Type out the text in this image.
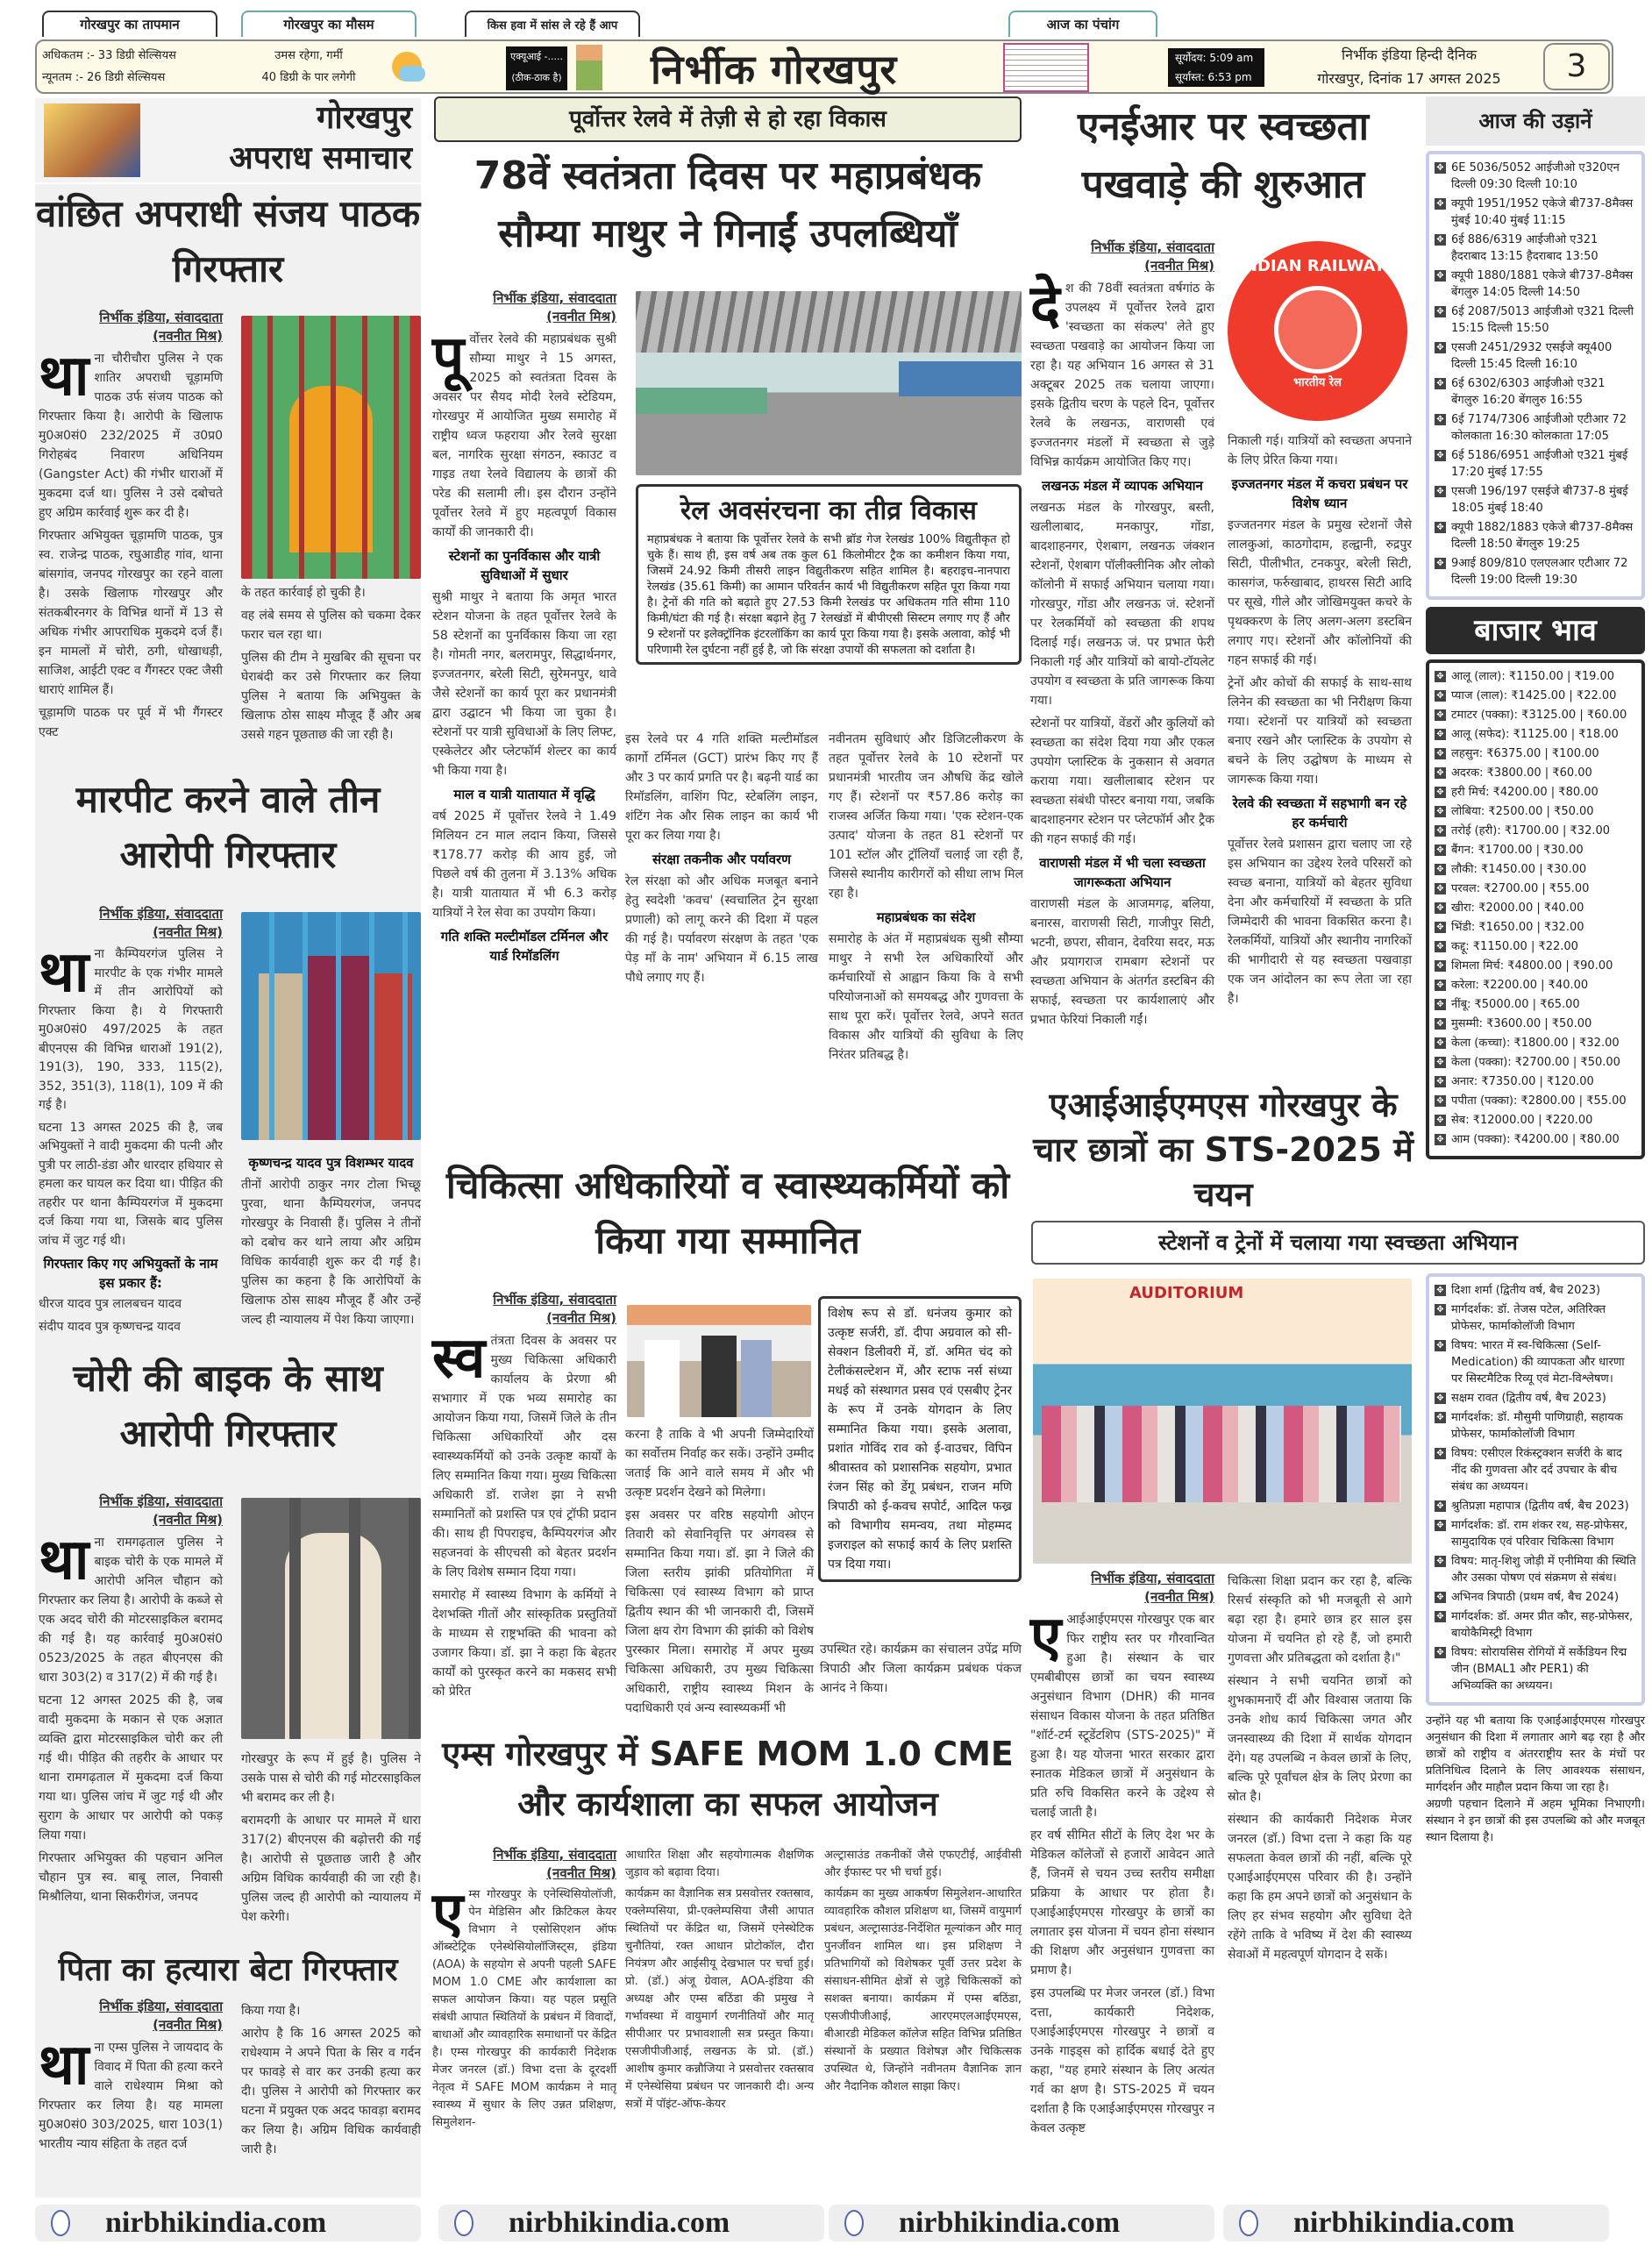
गोरखपुर का तापमान	गोरखपुर का मौसम	किस हवा में सांस ले रहे हैं आप	आज का पंचांग
अधिकतम :- 33 डिग्री सेल्सियस
न्यूनतम :- 26 डिग्री सेल्सियस
उमस रहेगा, गर्मी
40 डिग्री के पार लगेगी
एक्यूआई -.....
(ठीक-ठाक है) निर्भीक गोरखपुर	सूर्योदय: 5:09 am
सूर्यास्त: 6:53 pm
निर्भीक इंडिया हिन्दी दैनिक
गोरखपुर, दिनांक 17 अगस्त 2025	3
गोरखपुर
अपराध समाचार
वांछित अपराधी संजय पाठक गिरफ्तार
निर्भीक इंडिया, संवाददाता
(नवनीत मिश्र)
था ना चौरीचौरा पुलिस ने एक शातिर अपराधी चूड़ामणि पाठक उर्फ संजय पाठक को गिरफ्तार किया है। आरोपी के खिलाफ मु0अ0सं0 232/2025 में उ0प्र0 गिरोहबंद निवारण अधिनियम (Gangster Act) की गंभीर धाराओं में मुकदमा दर्ज था। पुलिस ने उसे दबोचते हुए अग्रिम कार्रवाई शुरू कर दी है।

गिरफ्तार अभियुक्त चूड़ामणि पाठक, पुत्र स्व. राजेन्द्र पाठक, रघुआडीह गांव, थाना बांसगांव, जनपद गोरखपुर का रहने वाला है। उसके खिलाफ गोरखपुर और संतकबीरनगर के विभिन्न थानों में 13 से अधिक गंभीर आपराधिक मुकदमे दर्ज हैं। इन मामलों में चोरी, ठगी, धोखाधड़ी, साजिश, आईटी एक्ट व गैंगस्टर एक्ट जैसी धाराएं शामिल हैं।

चूड़ामणि पाठक पर पूर्व में भी गैंगस्टर एक्ट

के तहत कार्रवाई हो चुकी है।

वह लंबे समय से पुलिस को चकमा देकर फरार चल रहा था।

पुलिस की टीम ने मुखबिर की सूचना पर घेराबंदी कर उसे गिरफ्तार कर लिया पुलिस ने बताया कि अभियुक्त के खिलाफ ठोस साक्ष्य मौजूद हैं और अब उससे गहन पूछताछ की जा रही है।

मारपीट करने वाले तीन आरोपी गिरफ्तार
निर्भीक इंडिया, संवाददाता
(नवनीत मिश्र)
था ना कैम्पियरगंज पुलिस ने मारपीट के एक गंभीर मामले में तीन आरोपियों को गिरफ्तार किया है। ये गिरफ्तारी मु0अ0सं0 497/2025 के तहत बीएनएस की विभिन्न धाराओं 191(2), 191(3), 190, 333, 115(2), 352, 351(3), 118(1), 109 में की गई है।

घटना 13 अगस्त 2025 की है, जब अभियुक्तों ने वादी मुकदमा की पत्नी और पुत्री पर लाठी-डंडा और धारदार हथियार से हमला कर घायल कर दिया था। पीड़ित की तहरीर पर थाना कैम्पियरगंज में मुकदमा दर्ज किया गया था, जिसके बाद पुलिस जांच में जुट गई थी।

गिरफ्तार किए गए अभियुक्तों के नाम इस प्रकार हैं:

धीरज यादव पुत्र लालबचन यादव

संदीप यादव पुत्र कृष्णचन्द्र यादव

कृष्णचन्द्र यादव पुत्र विशम्भर यादव

तीनों आरोपी ठाकुर नगर टोला भिच्छू पुरवा, थाना कैम्पियरगंज, जनपद गोरखपुर के निवासी हैं। पुलिस ने तीनों को दबोच कर थाने लाया और अग्रिम विधिक कार्यवाही शुरू कर दी गई है। पुलिस का कहना है कि आरोपियों के खिलाफ ठोस साक्ष्य मौजूद हैं और उन्हें जल्द ही न्यायालय में पेश किया जाएगा।

चोरी की बाइक के साथ आरोपी गिरफ्तार
निर्भीक इंडिया, संवाददाता
(नवनीत मिश्र)
था ना रामगढ़ताल पुलिस ने बाइक चोरी के एक मामले में आरोपी अनिल चौहान को गिरफ्तार कर लिया है। आरोपी के कब्जे से एक अदद चोरी की मोटरसाइकिल बरामद की गई है। यह कार्रवाई मु0अ0सं0 0523/2025 के तहत बीएनएस की धारा 303(2) व 317(2) में की गई है।

घटना 12 अगस्त 2025 की है, जब वादी मुकदमा के मकान से एक अज्ञात व्यक्ति द्वारा मोटरसाइकिल चोरी कर ली गई थी। पीड़ित की तहरीर के आधार पर थाना रामगढ़ताल में मुकदमा दर्ज किया गया था। पुलिस जांच में जुट गई थी और सुराग के आधार पर आरोपी को पकड़ लिया गया।

गिरफ्तार अभियुक्त की पहचान अनिल चौहान पुत्र स्व. बाबू लाल, निवासी मिश्रौलिया, थाना सिकरीगंज, जनपद

गोरखपुर के रूप में हुई है। पुलिस ने उसके पास से चोरी की गई मोटरसाइकिल भी बरामद कर ली है।

बरामदगी के आधार पर मामले में धारा 317(2) बीएनएस की बढ़ोत्तरी की गई है। आरोपी से पूछताछ जारी है और अग्रिम विधिक कार्यवाही की जा रही है। पुलिस जल्द ही आरोपी को न्यायालय में पेश करेगी।

पिता का हत्यारा बेटा गिरफ्तार
निर्भीक इंडिया, संवाददाता
(नवनीत मिश्र)
था ना एम्स पुलिस ने जायदाद के विवाद में पिता की हत्या करने वाले राधेश्याम मिश्रा को गिरफ्तार कर लिया है। यह मामला मु0अ0सं0 303/2025, धारा 103(1) भारतीय न्याय संहिता के तहत दर्ज

किया गया है।

आरोप है कि 16 अगस्त 2025 को राधेश्याम ने अपने पिता के सिर व गर्दन पर फावड़े से वार कर उनकी हत्या कर दी। पुलिस ने आरोपी को गिरफ्तार कर घटना में प्रयुक्त एक अदद फावड़ा बरामद कर लिया है। अग्रिम विधिक कार्यवाही जारी है।

पूर्वोत्तर रेलवे में तेज़ी से हो रहा विकास
78वें स्वतंत्रता दिवस पर महाप्रबंधक सौम्या माथुर ने गिनाईं उपलब्धियाँ
निर्भीक इंडिया, संवाददाता
(नवनीत मिश्र)
पू र्वोत्तर रेलवे की महाप्रबंधक सुश्री सौम्या माथुर ने 15 अगस्त, 2025 को स्वतंत्रता दिवस के अवसर पर सैयद मोदी रेलवे स्टेडियम, गोरखपुर में आयोजित मुख्य समारोह में राष्ट्रीय ध्वज फहराया और रेलवे सुरक्षा बल, नागरिक सुरक्षा संगठन, स्काउट व गाइड तथा रेलवे विद्यालय के छात्रों की परेड की सलामी ली। इस दौरान उन्होंने पूर्वोत्तर रेलवे में हुए महत्वपूर्ण विकास कार्यों की जानकारी दी।

स्टेशनों का पुनर्विकास और यात्री सुविधाओं में सुधार

सुश्री माथुर ने बताया कि अमृत भारत स्टेशन योजना के तहत पूर्वोत्तर रेलवे के 58 स्टेशनों का पुनर्विकास किया जा रहा है। गोमती नगर, बलरामपुर, सिद्धार्थनगर, इज्जतनगर, बरेली सिटी, सुरेमनपुर, थावे जैसे स्टेशनों का कार्य पूरा कर प्रधानमंत्री द्वारा उद्घाटन भी किया जा चुका है। स्टेशनों पर यात्री सुविधाओं के लिए लिफ्ट, एस्केलेटर और प्लेटफॉर्म शेल्टर का कार्य भी किया गया है।

माल व यात्री यातायात में वृद्धि

वर्ष 2025 में पूर्वोत्तर रेलवे ने 1.49 मिलियन टन माल लदान किया, जिससे ₹178.77 करोड़ की आय हुई, जो पिछले वर्ष की तुलना में 3.13% अधिक है। यात्री यातायात में भी 6.3 करोड़ यात्रियों ने रेल सेवा का उपयोग किया।

गति शक्ति मल्टीमॉडल टर्मिनल और यार्ड रिमॉडलिंग
रेल अवसंरचना का तीव्र विकास
महाप्रबंधक ने बताया कि पूर्वोत्तर रेलवे के सभी ब्रॉड गेज रेलखंड 100% विद्युतीकृत हो चुके हैं। साथ ही, इस वर्ष अब तक कुल 61 किलोमीटर ट्रैक का कमीशन किया गया, जिसमें 24.92 किमी तीसरी लाइन विद्युतीकरण सहित शामिल है। बहराइच-नानपारा रेलखंड (35.61 किमी) का आमान परिवर्तन कार्य भी विद्युतीकरण सहित पूरा किया गया है। ट्रेनों की गति को बढ़ाते हुए 27.53 किमी रेलखंड पर अधिकतम गति सीमा 110 किमी/घंटा की गई है। संरक्षा बढ़ाने हेतु 7 रेलखंडों में बीपीएसी सिस्टम लगाए गए हैं और 9 स्टेशनों पर इलेक्ट्रॉनिक इंटरलॉकिंग का कार्य पूरा किया गया है। इसके अलावा, कोई भी परिणामी रेल दुर्घटना नहीं हुई है, जो कि संरक्षा उपायों की सफलता को दर्शाता है।

इस रेलवे पर 4 गति शक्ति मल्टीमॉडल कार्गो टर्मिनल (GCT) प्रारंभ किए गए हैं और 3 पर कार्य प्रगति पर है। बढ़नी यार्ड का रिमॉडलिंग, वाशिंग पिट, स्टेबलिंग लाइन, शंटिंग नेक और सिक लाइन का कार्य भी पूरा कर लिया गया है।

संरक्षा तकनीक और पर्यावरण

रेल संरक्षा को और अधिक मजबूत बनाने हेतु स्वदेशी 'कवच' (स्वचालित ट्रेन सुरक्षा प्रणाली) को लागू करने की दिशा में पहल की गई है। पर्यावरण संरक्षण के तहत 'एक पेड़ माँ के नाम' अभियान में 6.15 लाख पौधे लगाए गए हैं।

नवीनतम सुविधाएं और डिजिटलीकरण के तहत पूर्वोत्तर रेलवे के 10 स्टेशनों पर प्रधानमंत्री भारतीय जन औषधि केंद्र खोले गए हैं। स्टेशनों पर ₹57.86 करोड़ का राजस्व अर्जित किया गया। 'एक स्टेशन-एक उत्पाद' योजना के तहत 81 स्टेशनों पर 101 स्टॉल और ट्रॉलियाँ चलाई जा रही हैं, जिससे स्थानीय कारीगरों को सीधा लाभ मिल रहा है।

महाप्रबंधक का संदेश

समारोह के अंत में महाप्रबंधक सुश्री सौम्या माथुर ने सभी रेल अधिकारियों और कर्मचारियों से आह्वान किया कि वे सभी परियोजनाओं को समयबद्ध और गुणवत्ता के साथ पूरा करें। पूर्वोत्तर रेलवे, अपने सतत विकास और यात्रियों की सुविधा के लिए निरंतर प्रतिबद्ध है।

चिकित्सा अधिकारियों व स्वास्थ्यकर्मियों को किया गया सम्मानित
निर्भीक इंडिया, संवाददाता
(नवनीत मिश्र)
स्व तंत्रता दिवस के अवसर पर मुख्य चिकित्सा अधिकारी कार्यालय के प्रेरणा श्री सभागार में एक भव्य समारोह का आयोजन किया गया, जिसमें जिले के तीन चिकित्सा अधिकारियों और दस स्वास्थ्यकर्मियों को उनके उत्कृष्ट कार्यों के लिए सम्मानित किया गया। मुख्य चिकित्सा अधिकारी डॉ. राजेश झा ने सभी सम्मानितों को प्रशस्ति पत्र एवं ट्रॉफी प्रदान की। साथ ही पिपराइच, कैम्पियरगंज और सहजनवां के सीएचसी को बेहतर प्रदर्शन के लिए विशेष सम्मान दिया गया।

समारोह में स्वास्थ्य विभाग के कर्मियों ने देशभक्ति गीतों और सांस्कृतिक प्रस्तुतियों के माध्यम से राष्ट्रभक्ति की भावना को उजागर किया। डॉ. झा ने कहा कि बेहतर कार्यों को पुरस्कृत करने का मकसद सभी को प्रेरित

करना है ताकि वे भी अपनी जिम्मेदारियों का सर्वोत्तम निर्वाह कर सकें। उन्होंने उम्मीद जताई कि आने वाले समय में और भी उत्कृष्ट प्रदर्शन देखने को मिलेगा।

इस अवसर पर वरिष्ठ सहयोगी ओएन तिवारी को सेवानिवृत्ति पर अंगवस्त्र से सम्मानित किया गया। डॉ. झा ने जिले की जिला स्तरीय झांकी प्रतियोगिता में चिकित्सा एवं स्वास्थ्य विभाग को प्राप्त द्वितीय स्थान की भी जानकारी दी, जिसमें जिला क्षय रोग विभाग की झांकी को विशेष पुरस्कार मिला। समारोह में अपर मुख्य चिकित्सा अधिकारी, उप मुख्य चिकित्सा अधिकारी, राष्ट्रीय स्वास्थ्य मिशन के पदाधिकारी एवं अन्य स्वास्थ्यकर्मी भी

विशेष रूप से डॉ. धनंजय कुमार को उत्कृष्ट सर्जरी, डॉ. दीपा अग्रवाल को सी-सेक्शन डिलीवरी में, डॉ. अमित चंद को टेलीकंसल्टेशन में, और स्टाफ नर्स संध्या मधई को संस्थागत प्रसव एवं एसबीए ट्रेनर के रूप में उनके योगदान के लिए सम्मानित किया गया। इसके अलावा, प्रशांत गोविंद राव को ई-वाउचर, विपिन श्रीवास्तव को प्रशासनिक सहयोग, प्रभात रंजन सिंह को डेंगू प्रबंधन, राजन मणि त्रिपाठी को ई-कवच सपोर्ट, आदिल फख्र को विभागीय समन्वय, तथा मोहम्मद इजराइल को सफाई कार्य के लिए प्रशस्ति पत्र दिया गया।

उपस्थित रहे। कार्यक्रम का संचालन उपेंद्र मणि त्रिपाठी और जिला कार्यक्रम प्रबंधक पंकज आनंद ने किया।

एम्स गोरखपुर में SAFE MOM 1.0 CME और कार्यशाला का सफल आयोजन
निर्भीक इंडिया, संवाददाता
(नवनीत मिश्र)
ए म्स गोरखपुर के एनेस्थिसियोलॉजी, पेन मेडिसिन और क्रिटिकल केयर विभाग ने एसोसिएशन ऑफ ऑब्स्टेट्रिक एनेस्थेसियोलॉजिस्ट्स, इंडिया (AOA) के सहयोग से अपनी पहली SAFE MOM 1.0 CME और कार्यशाला का सफल आयोजन किया। यह पहल प्रसूति संबंधी आपात स्थितियों के प्रबंधन में विवादों, बाधाओं और व्यावहारिक समाधानों पर केंद्रित है। एम्स गोरखपुर की कार्यकारी निदेशक मेजर जनरल (डॉ.) विभा दत्ता के दूरदर्शी नेतृत्व में SAFE MOM कार्यक्रम ने मातृ स्वास्थ्य में सुधार के लिए उन्नत प्रशिक्षण, सिमुलेशन-

आधारित शिक्षा और सहयोगात्मक शैक्षणिक जुड़ाव को बढ़ावा दिया।

कार्यक्रम का वैज्ञानिक सत्र प्रसवोत्तर रक्तस्राव, एक्लेम्पसिया, प्री-एक्लेम्पसिया जैसी आपात स्थितियों पर केंद्रित था, जिसमें एनेस्थेटिक चुनौतियां, रक्त आधान प्रोटोकॉल, दौरा नियंत्रण और आईसीयू देखभाल पर चर्चा हुई। प्रो. (डॉ.) अंजू ग्रेवाल, AOA-इंडिया की अध्यक्ष और एम्स बठिंडा की प्रमुख ने गर्भावस्था में वायुमार्ग रणनीतियों और मातृ सीपीआर पर प्रभावशाली सत्र प्रस्तुत किया। एसजीपीजीआई, लखनऊ के प्रो. (डॉ.) आशीष कुमार कन्नौजिया ने प्रसवोत्तर रक्तस्राव में एनेस्थेसिया प्रबंधन पर जानकारी दी। अन्य सत्रों में पॉइंट-ऑफ-केयर

अल्ट्रासाउंड तकनीकों जैसे एफएटीई, आईवीसी और ईफास्ट पर भी चर्चा हुई।

कार्यक्रम का मुख्य आकर्षण सिमुलेशन-आधारित व्यावहारिक कौशल प्रशिक्षण था, जिसमें वायुमार्ग प्रबंधन, अल्ट्रासाउंड-निर्देशित मूल्यांकन और मातृ पुनर्जीवन शामिल था। इस प्रशिक्षण ने प्रतिभागियों को विशेषकर पूर्वी उत्तर प्रदेश के संसाधन-सीमित क्षेत्रों से जुड़े चिकित्सकों को सशक्त बनाया। कार्यक्रम में एम्स बठिंडा, एसजीपीजीआई, आरएमएलआईएमएस, बीआरडी मेडिकल कॉलेज सहित विभिन्न प्रतिष्ठित संस्थानों के प्रख्यात विशेषज्ञ और चिकित्सक उपस्थित थे, जिन्होंने नवीनतम वैज्ञानिक ज्ञान और नैदानिक कौशल साझा किए।

एनईआर पर स्वच्छता पखवाड़े की शुरुआत
निर्भीक इंडिया, संवाददाता
(नवनीत मिश्र)
दे श की 78वीं स्वतंत्रता वर्षगांठ के उपलक्ष्य में पूर्वोत्तर रेलवे द्वारा 'स्वच्छता का संकल्प' लेते हुए स्वच्छता पखवाड़े का आयोजन किया जा रहा है। यह अभियान 16 अगस्त से 31 अक्टूबर 2025 तक चलाया जाएगा। इसके द्वितीय चरण के पहले दिन, पूर्वोत्तर रेलवे के लखनऊ, वाराणसी एवं इज्जतनगर मंडलों में स्वच्छता से जुड़े विभिन्न कार्यक्रम आयोजित किए गए।

लखनऊ मंडल में व्यापक अभियान

लखनऊ मंडल के गोरखपुर, बस्ती, खलीलाबाद, मनकापुर, गोंडा, बादशाहनगर, ऐशबाग, लखनऊ जंक्शन स्टेशनों, ऐशबाग पॉलीक्लीनिक और लोको कॉलोनी में सफाई अभियान चलाया गया। गोरखपुर, गोंडा और लखनऊ जं. स्टेशनों पर रेलकर्मियों को स्वच्छता की शपथ दिलाई गई। लखनऊ जं. पर प्रभात फेरी निकाली गई और यात्रियों को बायो-टॉयलेट उपयोग व स्वच्छता के प्रति जागरूक किया गया।

स्टेशनों पर यात्रियों, वेंडरों और कुलियों को स्वच्छता का संदेश दिया गया और एकल उपयोग प्लास्टिक के नुकसान से अवगत कराया गया। खलीलाबाद स्टेशन पर स्वच्छता संबंधी पोस्टर बनाया गया, जबकि बादशाहनगर स्टेशन पर प्लेटफॉर्म और ट्रैक की गहन सफाई की गई।

वाराणसी मंडल में भी चला स्वच्छता जागरूकता अभियान

वाराणसी मंडल के आजमगढ़, बलिया, बनारस, वाराणसी सिटी, गाजीपुर सिटी, भटनी, छपरा, सीवान, देवरिया सदर, मऊ और प्रयागराज रामबाग स्टेशनों पर स्वच्छता अभियान के अंतर्गत डस्टबिन की सफाई, स्वच्छता पर कार्यशालाएं और प्रभात फेरियां निकाली गईं।

INDIAN RAILWAYS
भारतीय रेल

निकाली गई। यात्रियों को स्वच्छता अपनाने के लिए प्रेरित किया गया।

इज्जतनगर मंडल में कचरा प्रबंधन पर विशेष ध्यान

इज्जतनगर मंडल के प्रमुख स्टेशनों जैसे लालकुआं, काठगोदाम, हल्द्वानी, रुद्रपुर सिटी, पीलीभीत, टनकपुर, बरेली सिटी, कासगंज, फर्रुखाबाद, हाथरस सिटी आदि पर सूखे, गीले और जोखिमयुक्त कचरे के पृथक्करण के लिए अलग-अलग डस्टबिन लगाए गए। स्टेशनों और कॉलोनियों की गहन सफाई की गई।

ट्रेनों और कोचों की सफाई के साथ-साथ लिनेन की स्वच्छता का भी निरीक्षण किया गया। स्टेशनों पर यात्रियों को स्वच्छता बनाए रखने और प्लास्टिक के उपयोग से बचने के लिए उद्घोषण के माध्यम से जागरूक किया गया।

रेलवे की स्वच्छता में सहभागी बन रहे हर कर्मचारी

पूर्वोत्तर रेलवे प्रशासन द्वारा चलाए जा रहे इस अभियान का उद्देश्य रेलवे परिसरों को स्वच्छ बनाना, यात्रियों को बेहतर सुविधा देना और कर्मचारियों में स्वच्छता के प्रति जिम्मेदारी की भावना विकसित करना है। रेलकर्मियों, यात्रियों और स्थानीय नागरिकों की भागीदारी से यह स्वच्छता पखवाड़ा एक जन आंदोलन का रूप लेता जा रहा है।

एआईआईएमएस गोरखपुर के चार छात्रों का STS-2025 में चयन
स्टेशनों व ट्रेनों में चलाया गया स्वच्छता अभियान
AUDITORIUM
निर्भीक इंडिया, संवाददाता
(नवनीत मिश्र)
ए आईआईएमएस गोरखपुर एक बार फिर राष्ट्रीय स्तर पर गौरवान्वित हुआ है। संस्थान के चार एमबीबीएस छात्रों का चयन स्वास्थ्य अनुसंधान विभाग (DHR) की मानव संसाधन विकास योजना के तहत प्रतिष्ठित "शॉर्ट-टर्म स्टूडेंटशिप (STS-2025)" में हुआ है। यह योजना भारत सरकार द्वारा स्नातक मेडिकल छात्रों में अनुसंधान के प्रति रुचि विकसित करने के उद्देश्य से चलाई जाती है।

हर वर्ष सीमित सीटों के लिए देश भर के मेडिकल कॉलेजों से हजारों आवेदन आते हैं, जिनमें से चयन उच्च स्तरीय समीक्षा प्रक्रिया के आधार पर होता है। एआईआईएमएस गोरखपुर के छात्रों का लगातार इस योजना में चयन होना संस्थान की शिक्षण और अनुसंधान गुणवत्ता का प्रमाण है।

इस उपलब्धि पर मेजर जनरल (डॉ.) विभा दत्ता, कार्यकारी निदेशक, एआईआईएमएस गोरखपुर ने छात्रों व उनके गाइड्स को हार्दिक बधाई देते हुए कहा, "यह हमारे संस्थान के लिए अत्यंत गर्व का क्षण है। STS-2025 में चयन दर्शाता है कि एआईआईएमएस गोरखपुर न केवल उत्कृष्ट

चिकित्सा शिक्षा प्रदान कर रहा है, बल्कि रिसर्च संस्कृति को भी मजबूती से आगे बढ़ा रहा है। हमारे छात्र हर साल इस योजना में चयनित हो रहे हैं, जो हमारी गुणवत्ता और प्रतिबद्धता को दर्शाता है।"

संस्थान ने सभी चयनित छात्रों को शुभकामनाएँ दीं और विश्वास जताया कि उनके शोध कार्य चिकित्सा जगत और जनस्वास्थ्य की दिशा में सार्थक योगदान देंगे। यह उपलब्धि न केवल छात्रों के लिए, बल्कि पूरे पूर्वांचल क्षेत्र के लिए प्रेरणा का स्रोत है।

संस्थान की कार्यकारी निदेशक मेजर जनरल (डॉ.) विभा दत्ता ने कहा कि यह सफलता केवल छात्रों की नहीं, बल्कि पूरे एआईआईएमएस परिवार की है। उन्होंने कहा कि हम अपने छात्रों को अनुसंधान के लिए हर संभव सहयोग और सुविधा देते रहेंगे ताकि वे भविष्य में देश की स्वास्थ्य सेवाओं में महत्वपूर्ण योगदान दे सकें।

आज की उड़ानें
✥ 6E 5036/5052 आईजीओ ए320एन दिल्ली 09:30 दिल्ली 10:10
✥ क्यूपी 1951/1952 एकेजे बी737-8मैक्स मुंबई 10:40 मुंबई 11:15
✥ 6ई 886/6319 आईजीओ ए321 हैदराबाद 13:15 हैदराबाद 13:50
✥ क्यूपी 1880/1881 एकेजे बी737-8मैक्स बेंगलुरु 14:05 दिल्ली 14:50
✥ 6ई 2087/5013 आईजीओ ए321 दिल्ली 15:15 दिल्ली 15:50
✥ एसजी 2451/2932 एसईजे क्यू400 दिल्ली 15:45 दिल्ली 16:10
✥ 6ई 6302/6303 आईजीओ ए321 बेंगलुरु 16:20 बेंगलुरु 16:55
✥ 6ई 7174/7306 आईजीओ एटीआर 72 कोलकाता 16:30 कोलकाता 17:05
✥ 6ई 5186/6951 आईजीओ ए321 मुंबई 17:20 मुंबई 17:55
✥ एसजी 196/197 एसईजे बी737-8 मुंबई 18:05 मुंबई 18:40
✥ क्यूपी 1882/1883 एकेजे बी737-8मैक्स दिल्ली 18:50 बेंगलुरु 19:25
✥ 9आई 809/810 एलएलआर एटीआर 72 दिल्ली 19:00 दिल्ली 19:30
बाजार भाव
✥ आलू (लाल): ₹1150.00 | ₹19.00
✥ प्याज (लाल): ₹1425.00 | ₹22.00
✥ टमाटर (पक्का): ₹3125.00 | ₹60.00
✥ आलू (सफेद): ₹1125.00 | ₹18.00
✥ लहसुन: ₹6375.00 | ₹100.00
✥ अदरक: ₹3800.00 | ₹60.00
✥ हरी मिर्च: ₹4200.00 | ₹80.00
✥ लोबिया: ₹2500.00 | ₹50.00
✥ तरोई (हरी): ₹1700.00 | ₹32.00
✥ बैंगन: ₹1700.00 | ₹30.00
✥ लौकी: ₹1450.00 | ₹30.00
✥ परवल: ₹2700.00 | ₹55.00
✥ खीरा: ₹2000.00 | ₹40.00
✥ भिंडी: ₹1650.00 | ₹32.00
✥ कद्दू: ₹1150.00 | ₹22.00
✥ शिमला मिर्च: ₹4800.00 | ₹90.00
✥ करेला: ₹2200.00 | ₹40.00
✥ नींबू: ₹5000.00 | ₹65.00
✥ मुसम्मी: ₹3600.00 | ₹50.00
✥ केला (कच्चा): ₹1800.00 | ₹32.00
✥ केला (पक्का): ₹2700.00 | ₹50.00
✥ अनार: ₹7350.00 | ₹120.00
✥ पपीता (पक्का): ₹2800.00 | ₹55.00
✥ सेब: ₹12000.00 | ₹220.00
✥ आम (पक्का): ₹4200.00 | ₹80.00
✥ दिशा शर्मा (द्वितीय वर्ष, बैच 2023)
✥ मार्गदर्शक: डॉ. तेजस पटेल, अतिरिक्त प्रोफेसर, फार्माकोलॉजी विभाग
✥ विषय: भारत में स्व-चिकित्सा (Self-Medication) की व्यापकता और धारणा पर सिस्टमैटिक रिव्यू एवं मेटा-विश्लेषण।
✥ सक्षम रावत (द्वितीय वर्ष, बैच 2023)
✥ मार्गदर्शक: डॉ. मौसुमी पाणिग्राही, सहायक प्रोफेसर, फार्माकोलॉजी विभाग
✥ विषय: एसीएल रिकंस्ट्रक्शन सर्जरी के बाद नींद की गुणवत्ता और दर्द उपचार के बीच संबंध का अध्ययन।
✥ श्रुतिप्रज्ञा महापात्र (द्वितीय वर्ष, बैच 2023)
✥ मार्गदर्शक: डॉ. राम शंकर रथ, सह-प्रोफेसर, सामुदायिक एवं परिवार चिकित्सा विभाग
✥ विषय: मातृ-शिशु जोड़ी में एनीमिया की स्थिति और उसका पोषण एवं संक्रमण से संबंध।
✥ अभिनव त्रिपाठी (प्रथम वर्ष, बैच 2024)
✥ मार्गदर्शक: डॉ. अमर प्रीत कौर, सह-प्रोफेसर, बायोकैमिस्ट्री विभाग
✥ विषय: सोरायसिस रोगियों में सर्केडियन रिद्म जीन (BMAL1 और PER1) की अभिव्यक्ति का अध्ययन।

उन्होंने यह भी बताया कि एआईआईएमएस गोरखपुर अनुसंधान की दिशा में लगातार आगे बढ़ रहा है और छात्रों को राष्ट्रीय व अंतरराष्ट्रीय स्तर के मंचों पर प्रतिनिधित्व दिलाने के लिए आवश्यक संसाधन, मार्गदर्शन और माहौल प्रदान किया जा रहा है।

अग्रणी पहचान दिलाने में अहम भूमिका निभाएगी। संस्थान ने इन छात्रों की इस उपलब्धि को और मजबूत स्थान दिलाया है।

nirbhikindia.com	nirbhikindia.com	nirbhikindia.com	nirbhikindia.com
